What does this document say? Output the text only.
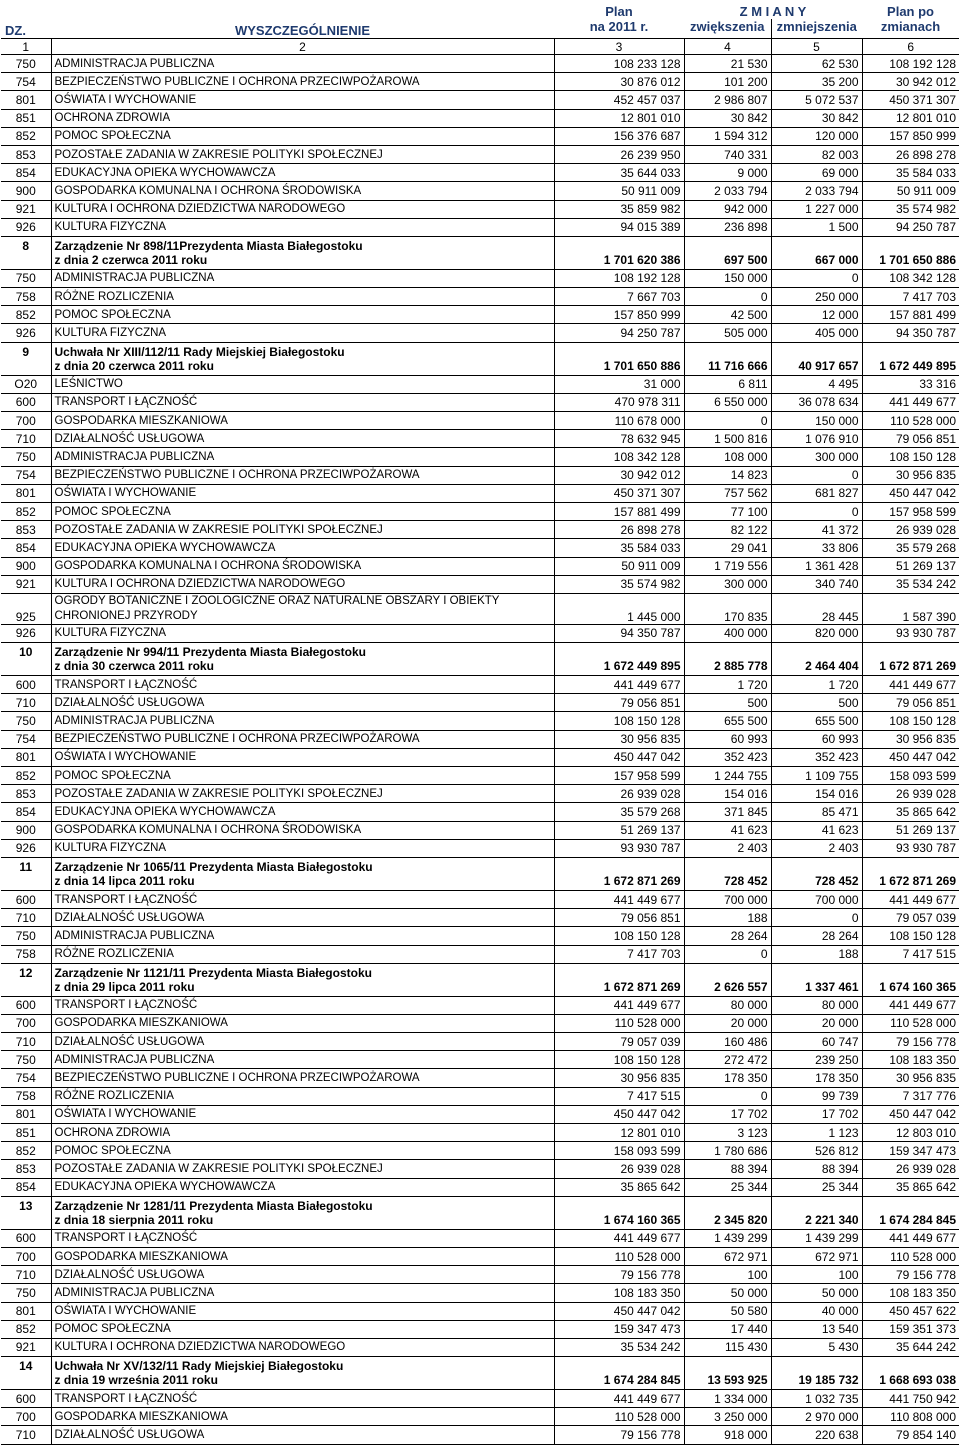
DZ.	WYSZCZEGÓLNIENIE	Plan	Z M I A N Y		Plan po
		na 2011 r.	zwiększenia	zmniejszenia	zmianach
1	2	3	4	5	6
750	ADMINISTRACJA PUBLICZNA	108 233 128	21 530	62 530	108 192 128
754	BEZPIECZEŃSTWO PUBLICZNE I OCHRONA PRZECIWPOŻAROWA	30 876 012	101 200	35 200	30 942 012
801	OŚWIATA I WYCHOWANIE	452 457 037	2 986 807	5 072 537	450 371 307
851	OCHRONA ZDROWIA	12 801 010	30 842	30 842	12 801 010
852	POMOC SPOŁECZNA	156 376 687	1 594 312	120 000	157 850 999
853	POZOSTAŁE ZADANIA W ZAKRESIE POLITYKI SPOŁECZNEJ	26 239 950	740 331	82 003	26 898 278
854	EDUKACYJNA OPIEKA WYCHOWAWCZA	35 644 033	9 000	69 000	35 584 033
900	GOSPODARKA KOMUNALNA I OCHRONA ŚRODOWISKA	50 911 009	2 033 794	2 033 794	50 911 009
921	KULTURA I OCHRONA DZIEDZICTWA NARODOWEGO	35 859 982	942 000	1 227 000	35 574 982
926	KULTURA FIZYCZNA	94 015 389	236 898	1 500	94 250 787
8	Zarządzenie Nr 898/11Prezydenta Miasta Białegostoku				
	z dnia 2 czerwca 2011 roku	1 701 620 386	697 500	667 000	1 701 650 886
750	ADMINISTRACJA PUBLICZNA	108 192 128	150 000	0	108 342 128
758	RÓŻNE ROZLICZENIA	7 667 703	0	250 000	7 417 703
852	POMOC SPOŁECZNA	157 850 999	42 500	12 000	157 881 499
926	KULTURA FIZYCZNA	94 250 787	505 000	405 000	94 350 787
9	Uchwała Nr XIII/112/11 Rady Miejskiej Białegostoku				
	z dnia 20 czerwca 2011 roku	1 701 650 886	11 716 666	40 917 657	1 672 449 895
O20	LEŚNICTWO	31 000	6 811	4 495	33 316
600	TRANSPORT I ŁĄCZNOŚĆ	470 978 311	6 550 000	36 078 634	441 449 677
700	GOSPODARKA MIESZKANIOWA	110 678 000	0	150 000	110 528 000
710	DZIAŁALNOŚĆ USŁUGOWA	78 632 945	1 500 816	1 076 910	79 056 851
750	ADMINISTRACJA PUBLICZNA	108 342 128	108 000	300 000	108 150 128
754	BEZPIECZEŃSTWO PUBLICZNE I OCHRONA PRZECIWPOŻAROWA	30 942 012	14 823	0	30 956 835
801	OŚWIATA I WYCHOWANIE	450 371 307	757 562	681 827	450 447 042
852	POMOC SPOŁECZNA	157 881 499	77 100	0	157 958 599
853	POZOSTAŁE ZADANIA W ZAKRESIE POLITYKI SPOŁECZNEJ	26 898 278	82 122	41 372	26 939 028
854	EDUKACYJNA OPIEKA WYCHOWAWCZA	35 584 033	29 041	33 806	35 579 268
900	GOSPODARKA KOMUNALNA I OCHRONA ŚRODOWISKA	50 911 009	1 719 556	1 361 428	51 269 137
921	KULTURA I OCHRONA DZIEDZICTWA NARODOWEGO	35 574 982	300 000	340 740	35 534 242
925	OGRODY BOTANICZNE I ZOOLOGICZNE ORAZ NATURALNE OBSZARY I OBIEKTY CHRONIONEJ PRZYRODY	1 445 000	170 835	28 445	1 587 390
926	KULTURA FIZYCZNA	94 350 787	400 000	820 000	93 930 787
10	Zarządzenie Nr 994/11 Prezydenta Miasta Białegostoku				
	z dnia 30 czerwca 2011 roku	1 672 449 895	2 885 778	2 464 404	1 672 871 269
600	TRANSPORT I ŁĄCZNOŚĆ	441 449 677	1 720	1 720	441 449 677
710	DZIAŁALNOŚĆ USŁUGOWA	79 056 851	500	500	79 056 851
750	ADMINISTRACJA PUBLICZNA	108 150 128	655 500	655 500	108 150 128
754	BEZPIECZEŃSTWO PUBLICZNE I OCHRONA PRZECIWPOŻAROWA	30 956 835	60 993	60 993	30 956 835
801	OŚWIATA I WYCHOWANIE	450 447 042	352 423	352 423	450 447 042
852	POMOC SPOŁECZNA	157 958 599	1 244 755	1 109 755	158 093 599
853	POZOSTAŁE ZADANIA W ZAKRESIE POLITYKI SPOŁECZNEJ	26 939 028	154 016	154 016	26 939 028
854	EDUKACYJNA OPIEKA WYCHOWAWCZA	35 579 268	371 845	85 471	35 865 642
900	GOSPODARKA KOMUNALNA I OCHRONA ŚRODOWISKA	51 269 137	41 623	41 623	51 269 137
926	KULTURA FIZYCZNA	93 930 787	2 403	2 403	93 930 787
11	Zarządzenie Nr 1065/11 Prezydenta Miasta Białegostoku				
	z dnia 14 lipca 2011 roku	1 672 871 269	728 452	728 452	1 672 871 269
600	TRANSPORT I ŁĄCZNOŚĆ	441 449 677	700 000	700 000	441 449 677
710	DZIAŁALNOŚĆ USŁUGOWA	79 056 851	188	0	79 057 039
750	ADMINISTRACJA PUBLICZNA	108 150 128	28 264	28 264	108 150 128
758	RÓŻNE ROZLICZENIA	7 417 703	0	188	7 417 515
12	Zarządzenie Nr 1121/11 Prezydenta Miasta Białegostoku				
	z dnia 29 lipca 2011 roku	1 672 871 269	2 626 557	1 337 461	1 674 160 365
600	TRANSPORT I ŁĄCZNOŚĆ	441 449 677	80 000	80 000	441 449 677
700	GOSPODARKA MIESZKANIOWA	110 528 000	20 000	20 000	110 528 000
710	DZIAŁALNOŚĆ USŁUGOWA	79 057 039	160 486	60 747	79 156 778
750	ADMINISTRACJA PUBLICZNA	108 150 128	272 472	239 250	108 183 350
754	BEZPIECZEŃSTWO PUBLICZNE I OCHRONA PRZECIWPOŻAROWA	30 956 835	178 350	178 350	30 956 835
758	RÓŻNE ROZLICZENIA	7 417 515	0	99 739	7 317 776
801	OŚWIATA I WYCHOWANIE	450 447 042	17 702	17 702	450 447 042
851	OCHRONA ZDROWIA	12 801 010	3 123	1 123	12 803 010
852	POMOC SPOŁECZNA	158 093 599	1 780 686	526 812	159 347 473
853	POZOSTAŁE ZADANIA W ZAKRESIE POLITYKI SPOŁECZNEJ	26 939 028	88 394	88 394	26 939 028
854	EDUKACYJNA OPIEKA WYCHOWAWCZA	35 865 642	25 344	25 344	35 865 642
13	Zarządzenie Nr 1281/11 Prezydenta Miasta Białegostoku				
	z dnia 18 sierpnia 2011 roku	1 674 160 365	2 345 820	2 221 340	1 674 284 845
600	TRANSPORT I ŁĄCZNOŚĆ	441 449 677	1 439 299	1 439 299	441 449 677
700	GOSPODARKA MIESZKANIOWA	110 528 000	672 971	672 971	110 528 000
710	DZIAŁALNOŚĆ USŁUGOWA	79 156 778	100	100	79 156 778
750	ADMINISTRACJA PUBLICZNA	108 183 350	50 000	50 000	108 183 350
801	OŚWIATA I WYCHOWANIE	450 447 042	50 580	40 000	450 457 622
852	POMOC SPOŁECZNA	159 347 473	17 440	13 540	159 351 373
921	KULTURA I OCHRONA DZIEDZICTWA NARODOWEGO	35 534 242	115 430	5 430	35 644 242
14	Uchwała Nr XV/132/11 Rady Miejskiej Białegostoku				
	z dnia 19 września 2011 roku	1 674 284 845	13 593 925	19 185 732	1 668 693 038
600	TRANSPORT I ŁĄCZNOŚĆ	441 449 677	1 334 000	1 032 735	441 750 942
700	GOSPODARKA MIESZKANIOWA	110 528 000	3 250 000	2 970 000	110 808 000
710	DZIAŁALNOŚĆ USŁUGOWA	79 156 778	918 000	220 638	79 854 140
